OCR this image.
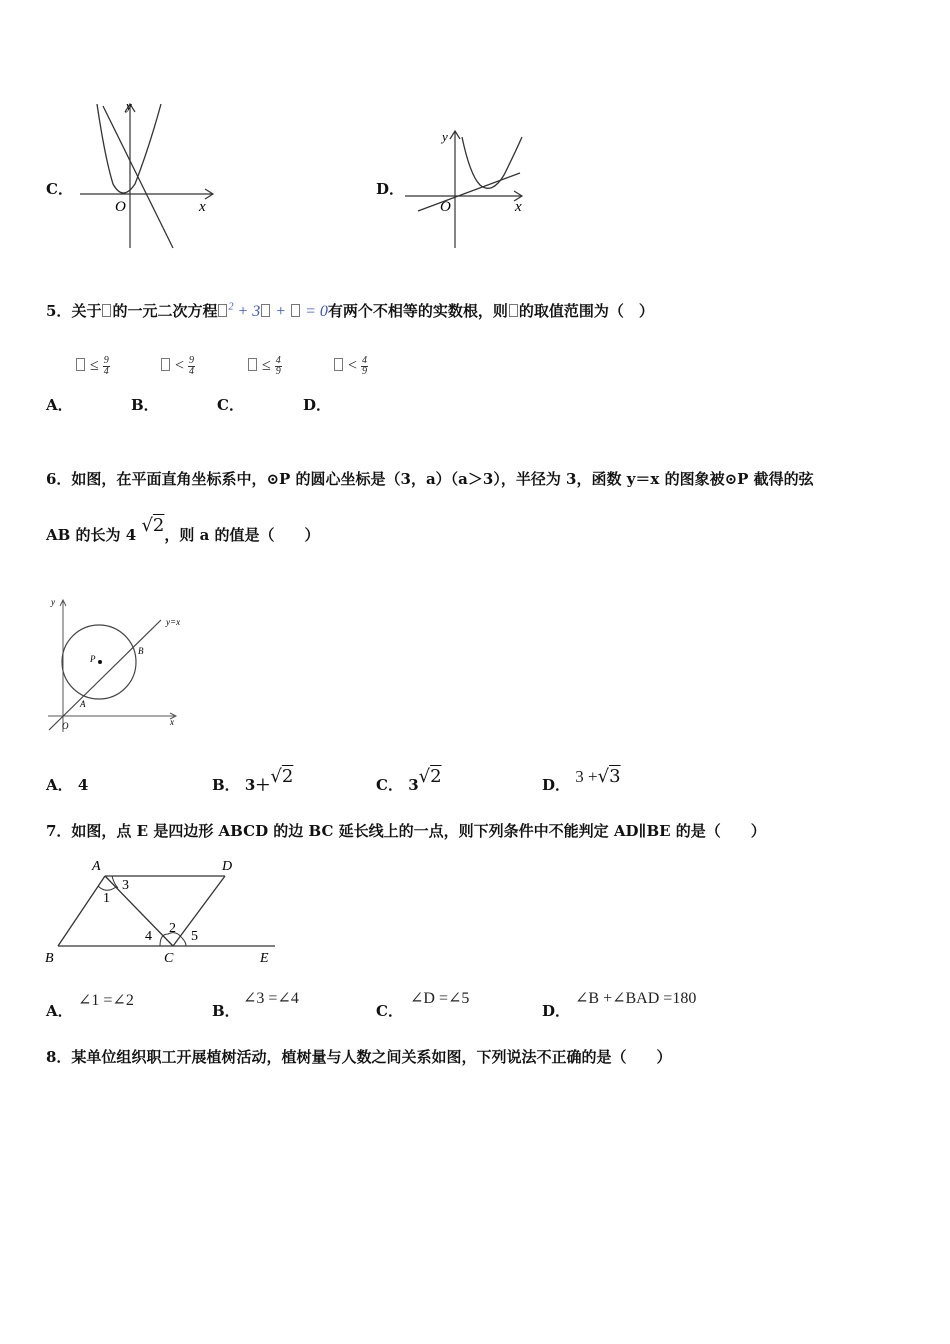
C．
x
y
O
D．
x
y
O
5．关于 的一元二次方程 $^2$ + 3 + = 0有两个不相等的实数根，则 的取值范围为（　）
≤ $\frac{9}{4}$	< $\frac{9}{4}$	≤ $\frac{4}{9}$	< $\frac{4}{9}$
A．	B．	C．	D．
6．如图，在平面直角坐标系中，⊙P 的圆心坐标是（3，a）（a＞3），半径为 3，函数 y＝x 的图象被⊙P 截得的弦
AB 的长为 4 √2，则 a 的值是（　　）
y
x
O
P
A
B
y=x
A． 4	B． 3＋√2	C． 3√2	D． 3 +√3
7．如图，点 E 是四边形 ABCD 的边 BC 延长线上的一点，则下列条件中不能判定 AD∥BE 的是（　　）
A	D
B	C	E
1
3
2
4	5
A．
∠1 =∠2
B．
∠3 =∠4
C．
∠D =∠5
D．
∠B +∠BAD =180
8．某单位组织职工开展植树活动，植树量与人数之间关系如图，下列说法不正确的是（　　）
